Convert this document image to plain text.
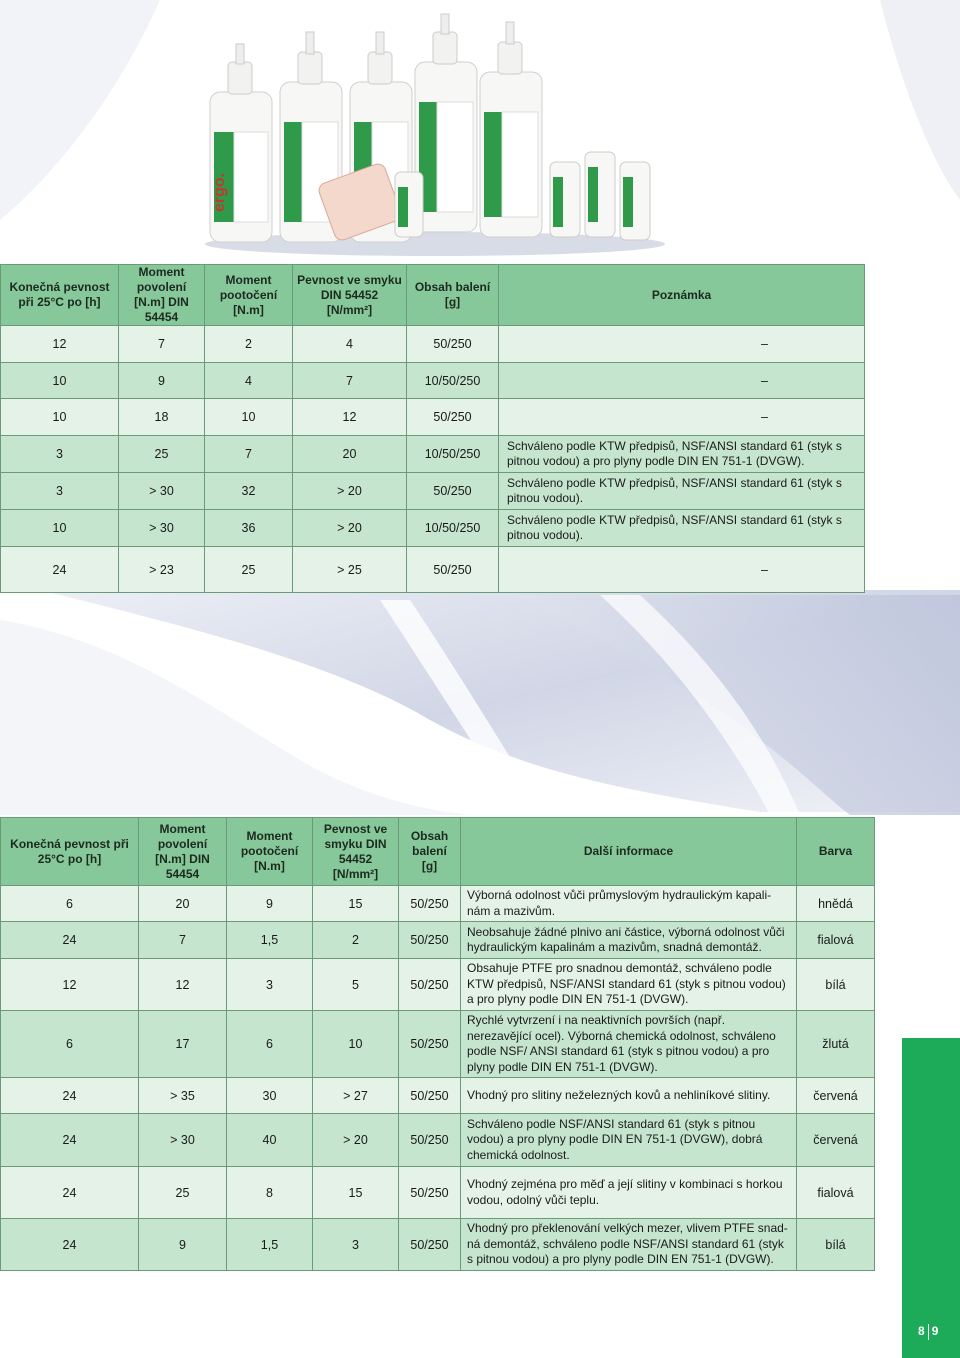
ergo.
Konečná pevnost při 25°C po [h]	Moment povolení [N.m] DIN 54454	Moment pootočení [N.m]	Pevnost ve smyku DIN 54452 [N/mm²]	Obsah balení [g]	Poznámka
12	7	2	4	50/250	–
10	9	4	7	10/50/250	–
10	18	10	12	50/250	–
3	25	7	20	10/50/250	Schváleno podle KTW předpisů, NSF/ANSI standard 61 (styk s pitnou vodou) a pro plyny podle DIN EN 751-1 (DVGW).
3	> 30	32	> 20	50/250	Schváleno podle KTW předpisů, NSF/ANSI standard 61 (styk s pitnou vodou).
10	> 30	36	> 20	10/50/250	Schváleno podle KTW předpisů, NSF/ANSI standard 61 (styk s pitnou vodou).
24	> 23	25	> 25	50/250	–
Konečná pevnost při 25°C po [h]	Moment povolení [N.m] DIN 54454	Moment pootočení [N.m]	Pevnost ve smyku DIN 54452 [N/mm²]	Obsah balení [g]	Další informace	Barva
6	20	9	15	50/250	Výborná odolnost vůči průmyslovým hydraulickým kapali-nám a mazivům.	hnědá
24	7	1,5	2	50/250	Neobsahuje žádné plnivo ani částice, výborná odolnost vůči hydraulickým kapalinám a mazivům, snadná demontáž.	fialová
12	12	3	5	50/250	Obsahuje PTFE pro snadnou demontáž, schváleno podle KTW předpisů, NSF/ANSI standard 61 (styk s pitnou vodou) a pro plyny podle DIN EN 751-1 (DVGW).	bílá
6	17	6	10	50/250	Rychlé vytvrzení i na neaktivních površích (např. nerezavějící ocel). Výborná chemická odolnost, schváleno podle NSF/ ANSI standard 61 (styk s pitnou vodou) a pro plyny podle DIN EN 751-1 (DVGW).	žlutá
24	> 35	30	> 27	50/250	Vhodný pro slitiny neželezných kovů a nehliníkové slitiny.	červená
24	> 30	40	> 20	50/250	Schváleno podle NSF/ANSI standard 61 (styk s pitnou vodou) a pro plyny podle DIN EN 751-1 (DVGW), dobrá chemická odolnost.	červená
24	25	8	15	50/250	Vhodný zejména pro měď a její slitiny v kombinaci s horkou vodou, odolný vůči teplu.	fialová
24	9	1,5	3	50/250	Vhodný pro překlenování velkých mezer, vlivem PTFE snad-ná demontáž, schváleno podle NSF/ANSI standard 61 (styk s pitnou vodou) a pro plyny podle DIN EN 751-1 (DVGW).	bílá
8 9
